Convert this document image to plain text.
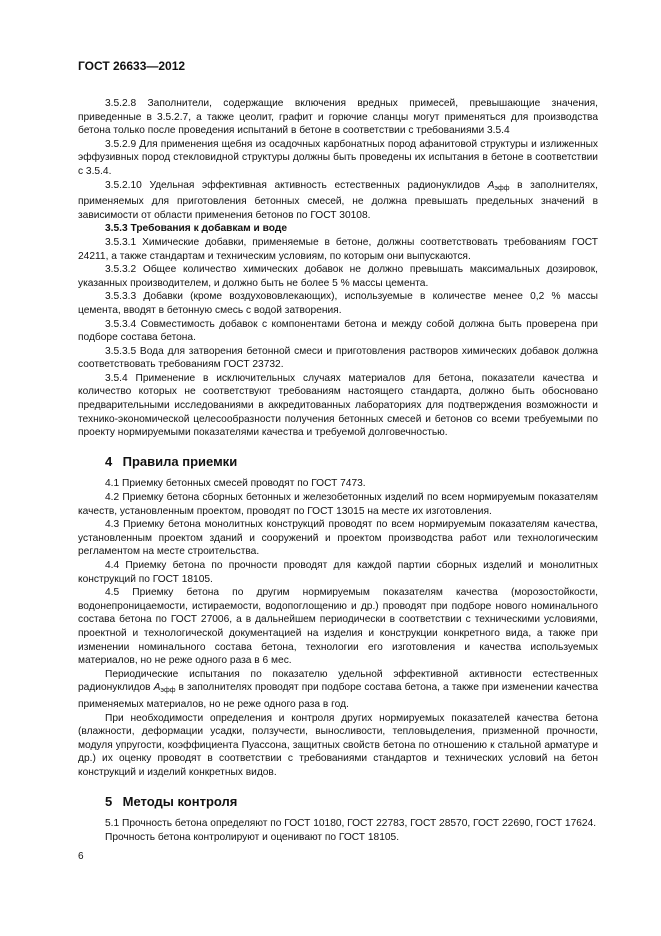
ГОСТ 26633—2012

3.5.2.8 Заполнители, содержащие включения вредных примесей, превышающие значения, приведенные в 3.5.2.7, а также цеолит, графит и горючие сланцы могут применяться для производства бетона только после проведения испытаний в бетоне в соответствии с требованиями 3.5.4

3.5.2.9 Для применения щебня из осадочных карбонатных пород афанитовой структуры и излиженных эффузивных пород стекловидной структуры должны быть проведены их испытания в бетоне в соответствии с 3.5.4.

3.5.2.10 Удельная эффективная активность естественных радионуклидов $А_{эфф}$ в заполнителях, применяемых для приготовления бетонных смесей, не должна превышать предельных значений в зависимости от области применения бетонов по ГОСТ 30108.

3.5.3 Требования к добавкам и воде

3.5.3.1 Химические добавки, применяемые в бетоне, должны соответствовать требованиям ГОСТ 24211, а также стандартам и техническим условиям, по которым они выпускаются.

3.5.3.2 Общее количество химических добавок не должно превышать максимальных дозировок, указанных производителем, и должно быть не более 5 % массы цемента.

3.5.3.3 Добавки (кроме воздухововлекающих), используемые в количестве менее 0,2 % массы цемента, вводят в бетонную смесь с водой затворения.

3.5.3.4 Совместимость добавок с компонентами бетона и между собой должна быть проверена при подборе состава бетона.

3.5.3.5 Вода для затворения бетонной смеси и приготовления растворов химических добавок должна соответствовать требованиям ГОСТ 23732.

3.5.4 Применение в исключительных случаях материалов для бетона, показатели качества и количество которых не соответствуют требованиям настоящего стандарта, должно быть обосновано предварительными исследованиями в аккредитованных лабораториях для подтверждения возможности и технико-экономической целесообразности получения бетонных смесей и бетонов со всеми требуемыми по проекту нормируемыми показателями качества и требуемой долговечностью.

4 Правила приемки

4.1 Приемку бетонных смесей проводят по ГОСТ 7473.

4.2 Приемку бетона сборных бетонных и железобетонных изделий по всем нормируемым показателям качеств, установленным проектом, проводят по ГОСТ 13015 на месте их изготовления.

4.3 Приемку бетона монолитных конструкций проводят по всем нормируемым показателям качества, установленным проектом зданий и сооружений и проектом производства работ или технологическим регламентом на месте строительства.

4.4 Приемку бетона по прочности проводят для каждой партии сборных изделий и монолитных конструкций по ГОСТ 18105.

4.5 Приемку бетона по другим нормируемым показателям качества (морозостойкости, водонепроницаемости, истираемости, водопоглощению и др.) проводят при подборе нового номинального состава бетона по ГОСТ 27006, а в дальнейшем периодически в соответствии с техническими условиями, проектной и технологической документацией на изделия и конструкции конкретного вида, а также при изменении номинального состава бетона, технологии его изготовления и качества используемых материалов, но не реже одного раза в 6 мес.

Периодические испытания по показателю удельной эффективной активности естественных радионуклидов $А_{эфф}$ в заполнителях проводят при подборе состава бетона, а также при изменении качества применяемых материалов, но не реже одного раза в год.

При необходимости определения и контроля других нормируемых показателей качества бетона (влажности, деформации усадки, ползучести, выносливости, тепловыделения, призменной прочности, модуля упругости, коэффициента Пуассона, защитных свойств бетона по отношению к стальной арматуре и др.) их оценку проводят в соответствии с требованиями стандартов и технических условий на бетон конструкций и изделий конкретных видов.

5 Методы контроля

5.1 Прочность бетона определяют по ГОСТ 10180, ГОСТ 22783, ГОСТ 28570, ГОСТ 22690, ГОСТ 17624.

Прочность бетона контролируют и оценивают по ГОСТ 18105.

6
